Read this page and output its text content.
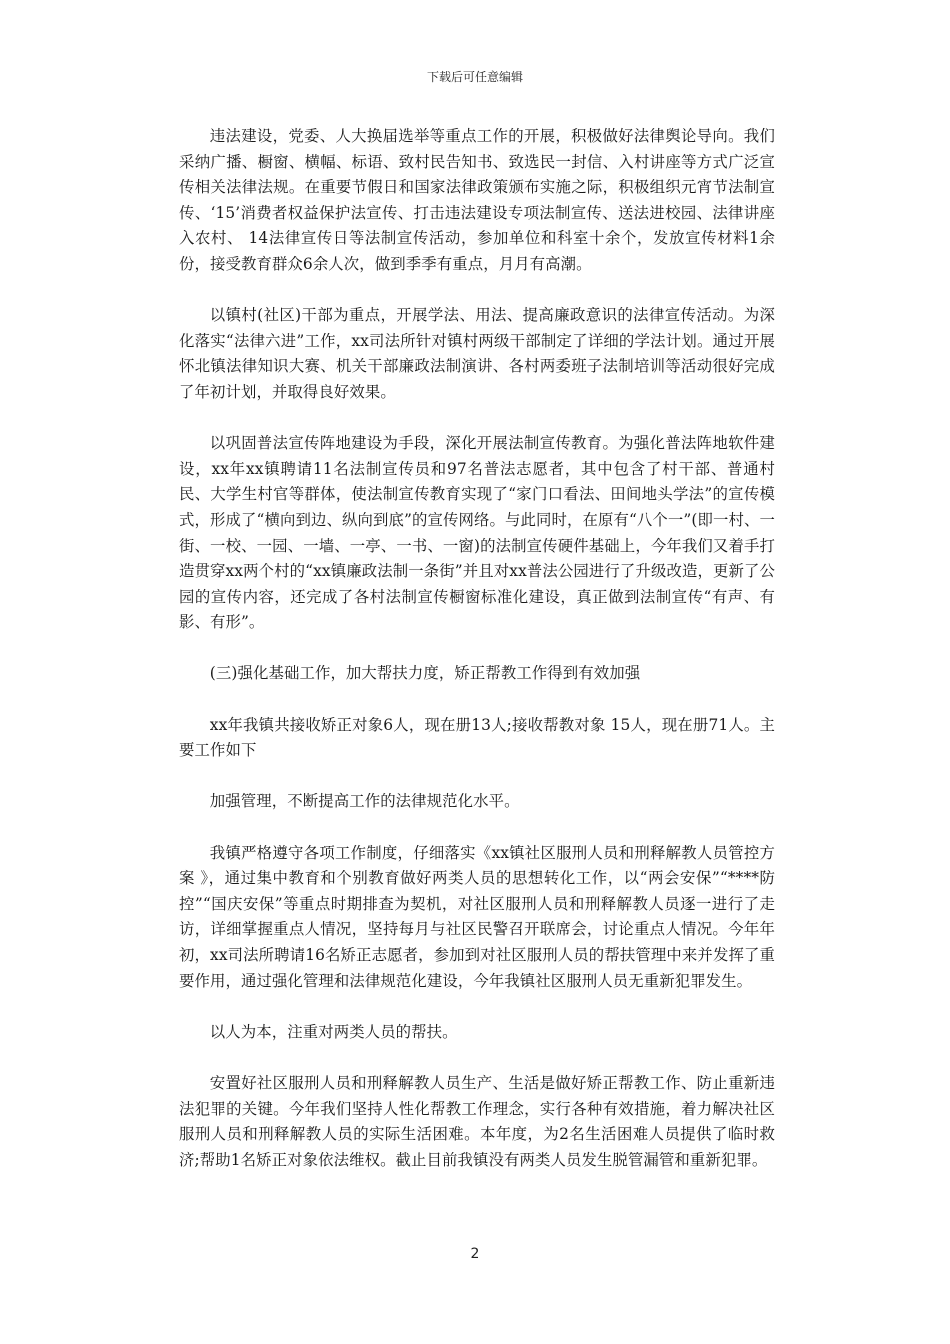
下载后可任意编辑

违法建设，党委、人大换届选举等重点工作的开展，积极做好法律舆论导向。我们采纳广播、橱窗、横幅、标语、致村民告知书、致选民一封信、入村讲座等方式广泛宣传相关法律法规。在重要节假日和国家法律政策颁布实施之际，积极组织元宵节法制宣传、‘15’消费者权益保护法宣传、打击违法建设专项法制宣传、送法进校园、法律讲座入农村、 14法律宣传日等法制宣传活动，参加单位和科室十余个，发放宣传材料1余份，接受教育群众6余人次，做到季季有重点，月月有高潮。

以镇村(社区)干部为重点，开展学法、用法、提高廉政意识的法律宣传活动。为深化落实“法律六进”工作，xx司法所针对镇村两级干部制定了详细的学法计划。通过开展怀北镇法律知识大赛、机关干部廉政法制演讲、各村两委班子法制培训等活动很好完成了年初计划，并取得良好效果。

以巩固普法宣传阵地建设为手段，深化开展法制宣传教育。为强化普法阵地软件建设，xx年xx镇聘请11名法制宣传员和97名普法志愿者，其中包含了村干部、普通村民、大学生村官等群体，使法制宣传教育实现了“家门口看法、田间地头学法”的宣传模式，形成了“横向到边、纵向到底”的宣传网络。与此同时，在原有“八个一”(即一村、一街、一校、一园、一墙、一亭、一书、一窗)的法制宣传硬件基础上，今年我们又着手打造贯穿xx两个村的“xx镇廉政法制一条街”并且对xx普法公园进行了升级改造，更新了公园的宣传内容，还完成了各村法制宣传橱窗标准化建设，真正做到法制宣传“有声、有影、有形”。

(三)强化基础工作，加大帮扶力度，矫正帮教工作得到有效加强

xx年我镇共接收矫正对象6人，现在册13人;接收帮教对象 15人，现在册71人。主要工作如下

加强管理，不断提高工作的法律规范化水平。

我镇严格遵守各项工作制度，仔细落实《xx镇社区服刑人员和刑释解教人员管控方案 》，通过集中教育和个别教育做好两类人员的思想转化工作，以“两会安保”“****防控”“国庆安保”等重点时期排查为契机，对社区服刑人员和刑释解教人员逐一进行了走访，详细掌握重点人情况，坚持每月与社区民警召开联席会，讨论重点人情况。今年年初，xx司法所聘请16名矫正志愿者，参加到对社区服刑人员的帮扶管理中来并发挥了重要作用，通过强化管理和法律规范化建设，今年我镇社区服刑人员无重新犯罪发生。

以人为本，注重对两类人员的帮扶。

安置好社区服刑人员和刑释解教人员生产、生活是做好矫正帮教工作、防止重新违法犯罪的关键。今年我们坚持人性化帮教工作理念，实行各种有效措施，着力解决社区服刑人员和刑释解教人员的实际生活困难。本年度，为2名生活困难人员提供了临时救济;帮助1名矫正对象依法维权。截止目前我镇没有两类人员发生脱管漏管和重新犯罪。

2
